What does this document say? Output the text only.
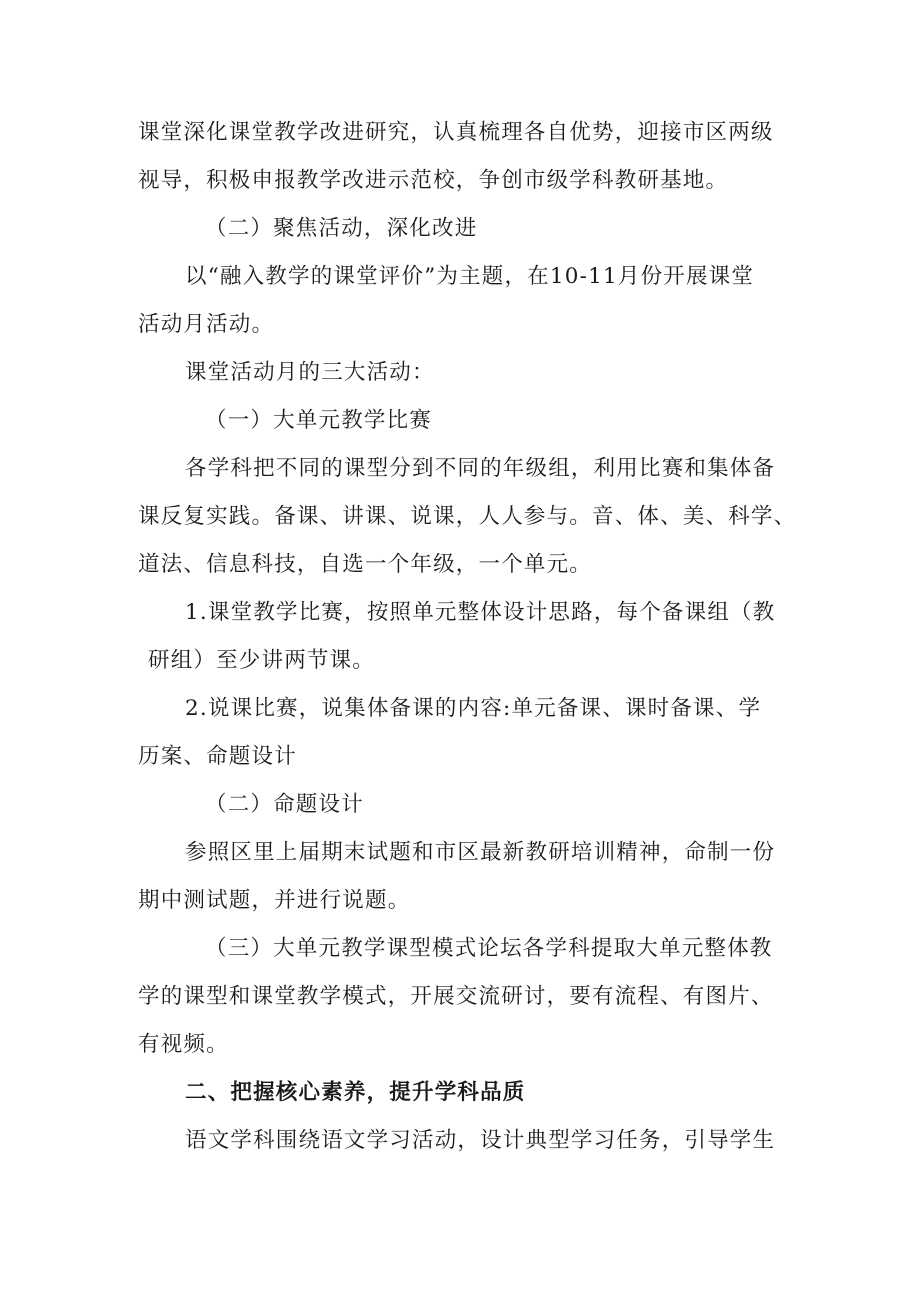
课堂深化课堂教学改进研究，认真梳理各自优势，迎接市区两级
视导，积极申报教学改进示范校，争创市级学科教研基地。
（二）聚焦活动，深化改进
以“融入教学的课堂评价”为主题，在10-11月份开展课堂
活动月活动。
课堂活动月的三大活动：
（一）大单元教学比赛
各学科把不同的课型分到不同的年级组，利用比赛和集体备
课反复实践。备课、讲课、说课，人人参与。音、体、美、科学、
道法、信息科技，自选一个年级，一个单元。
1.课堂教学比赛，按照单元整体设计思路，每个备课组（教
研组）至少讲两节课。
2.说课比赛，说集体备课的内容:单元备课、课时备课、学
历案、命题设计
（二）命题设计
参照区里上届期末试题和市区最新教研培训精神，命制一份
期中测试题，并进行说题。
（三）大单元教学课型模式论坛各学科提取大单元整体教
学的课型和课堂教学模式，开展交流研讨，要有流程、有图片、
有视频。
二、把握核心素养，提升学科品质
语文学科围绕语文学习活动，设计典型学习任务，引导学生
